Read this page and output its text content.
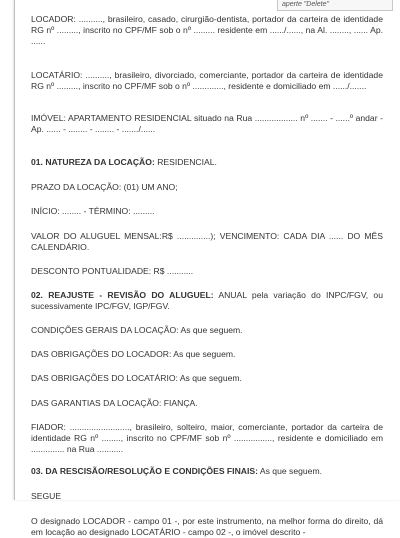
aperte "Delete"

LOCADOR: .........., brasileiro, casado, cirurgião-dentista, portador da carteira de identidade RG nº ........., inscrito no CPF/MF sob o nº ......... residente em ....../......, na Al. ........, ...... Ap. ......

LOCATÁRIO: .........., brasileiro, divorciado, comerciante, portador da carteira de identidade RG nº ........., inscrito no CPF/MF sob o nº ............., residente e domiciliado em ....../.......

IMÓVEL: APARTAMENTO RESIDENCIAL situado na Rua .................. nº ....... - ......º andar - Ap. ...... - ........ - ........ - ......./......

01. NATUREZA DA LOCAÇÃO: RESIDENCIAL.

PRAZO DA LOCAÇÃO: (01) UM ANO;

INÍCIO: ........ - TÉRMINO: .........

VALOR DO ALUGUEL MENSAL:R$ ..............); VENCIMENTO: CADA DIA ...... DO MÊS CALENDÁRIO.

DESCONTO PONTUALIDADE: R$ ...........

02. REAJUSTE - REVISÃO DO ALUGUEL: ANUAL pela variação do INPC/FGV, ou sucessivamente IPC/FGV, IGP/FGV.

CONDIÇÕES GERAIS DA LOCAÇÃO: As que seguem.

DAS OBRIGAÇÕES DO LOCADOR: As que seguem.

DAS OBRIGAÇÕES DO LOCATÁRIO: As que seguem.

DAS GARANTIAS DA LOCAÇÃO: FIANÇA.

FIADOR: ........................., brasileiro, solteiro, maior, comerciante, portador da carteira de identidade RG nº ........, inscrito no CPF/MF sob nº ................, residente e domiciliado em .............. na Rua ...........

03. DA RESCISÃO/RESOLUÇÃO E CONDIÇÕES FINAIS: As que seguem.

SEGUE

O designado LOCADOR - campo 01 -, por este instrumento, na melhor forma do direito, dá em locação ao designado LOCATÁRIO - campo 02 -, o imóvel descrito -
